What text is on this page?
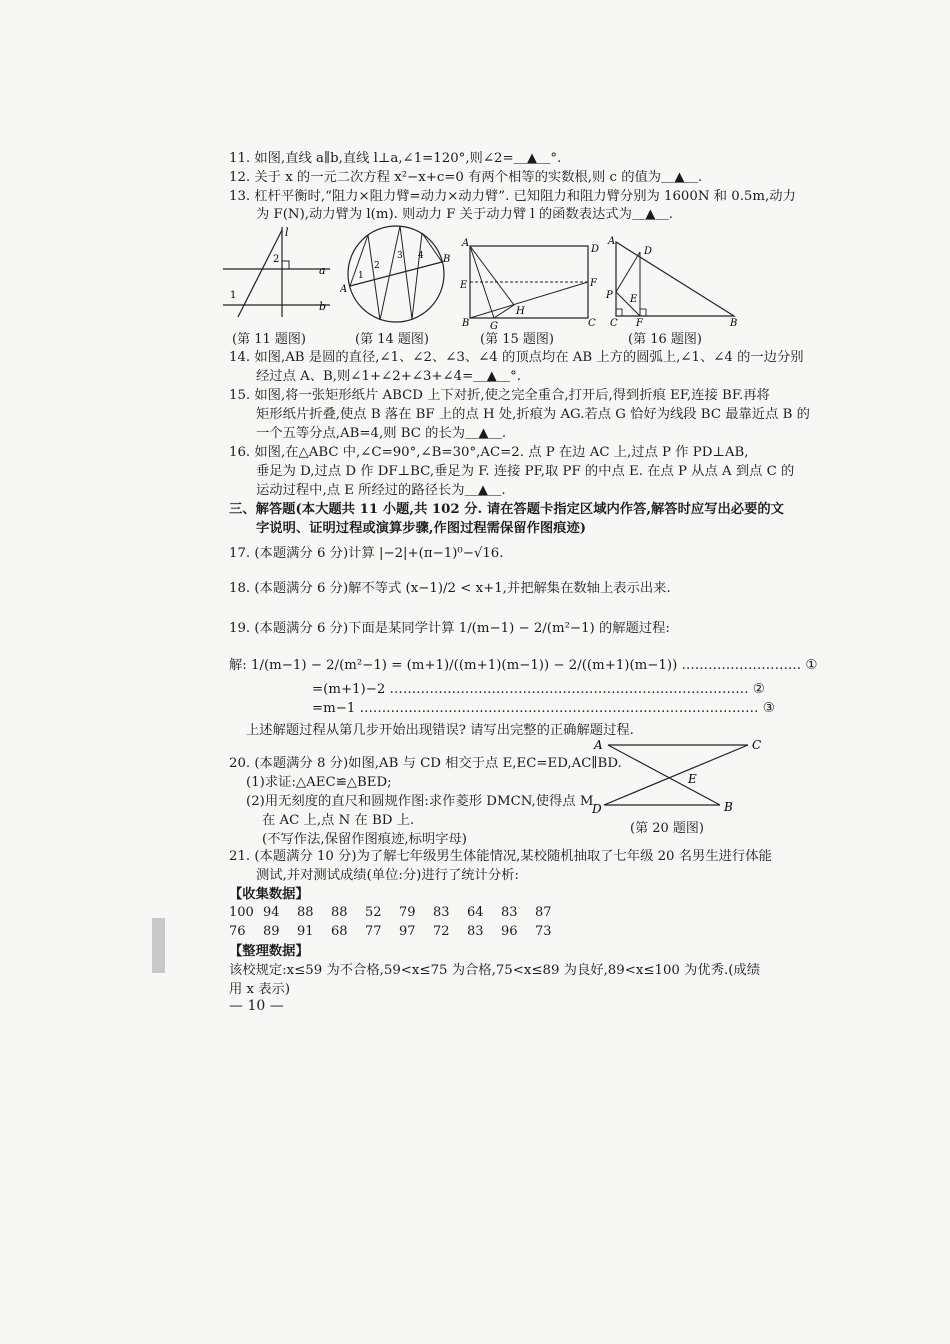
11. 如图,直线 a∥b,直线 l⊥a,∠1=120°,则∠2=＿▲＿°.
12. 关于 x 的一元二次方程 x²−x+c=0 有两个相等的实数根,则 c 的值为＿▲＿.
13. 杠杆平衡时,“阻力×阻力臂=动力×动力臂”. 已知阻力和阻力臂分别为 1600N 和 0.5m,动力
为 F(N),动力臂为 l(m). 则动力 F 关于动力臂 l 的函数表达式为＿▲＿.
l
a
b
1
2
(第 11 题图)
A
B
1
2
3 4
(第 14 题图)
A
D
E	F
B G
H
C
(第 15 题图)
A
D
P E
C F	B
(第 16 题图)
14. 如图,AB 是圆的直径,∠1、∠2、∠3、∠4 的顶点均在 AB 上方的圆弧上,∠1、∠4 的一边分别
经过点 A、B,则∠1+∠2+∠3+∠4=＿▲＿°.
15. 如图,将一张矩形纸片 ABCD 上下对折,使之完全重合,打开后,得到折痕 EF,连接 BF.再将
矩形纸片折叠,使点 B 落在 BF 上的点 H 处,折痕为 AG.若点 G 恰好为线段 BC 最靠近点 B 的
一个五等分点,AB=4,则 BC 的长为＿▲＿.
16. 如图,在△ABC 中,∠C=90°,∠B=30°,AC=2. 点 P 在边 AC 上,过点 P 作 PD⊥AB,
垂足为 D,过点 D 作 DF⊥BC,垂足为 F. 连接 PF,取 PF 的中点 E. 在点 P 从点 A 到点 C 的
运动过程中,点 E 所经过的路径长为＿▲＿.
三、解答题(本大题共 11 小题,共 102 分. 请在答题卡指定区域内作答,解答时应写出必要的文
字说明、证明过程或演算步骤,作图过程需保留作图痕迹)
17. (本题满分 6 分)计算 |−2|+(π−1)⁰−√16.
18. (本题满分 6 分)解不等式 (x−1)/2 < x+1,并把解集在数轴上表示出来.
19. (本题满分 6 分)下面是某同学计算 1/(m−1) − 2/(m²−1) 的解题过程:
解: 1/(m−1) − 2/(m²−1) = (m+1)/((m+1)(m−1)) − 2/((m+1)(m−1)) ……………………… ①
=(m+1)−2 ……………………………………………………………………… ②
=m−1 ……………………………………………………………………………… ③
上述解题过程从第几步开始出现错误? 请写出完整的正确解题过程.
20. (本题满分 8 分)如图,AB 与 CD 相交于点 E,EC=ED,AC∥BD.
(1)求证:△AEC≌△BED;
(2)用无刻度的直尺和圆规作图:求作菱形 DMCN,使得点 M
在 AC 上,点 N 在 BD 上.
(不写作法,保留作图痕迹,标明字母)
A	C
E
D	B
(第 20 题图)
21. (本题满分 10 分)为了解七年级男生体能情况,某校随机抽取了七年级 20 名男生进行体能
测试,并对测试成绩(单位:分)进行了统计分析:
【收集数据】
100 94 88 88 52 79 83 64 83 87
76 89 91 68 77 97 72 83 96 73
【整理数据】
该校规定:x≤59 为不合格,59<x≤75 为合格,75<x≤89 为良好,89<x≤100 为优秀.(成绩
用 x 表示)
— 10 —
